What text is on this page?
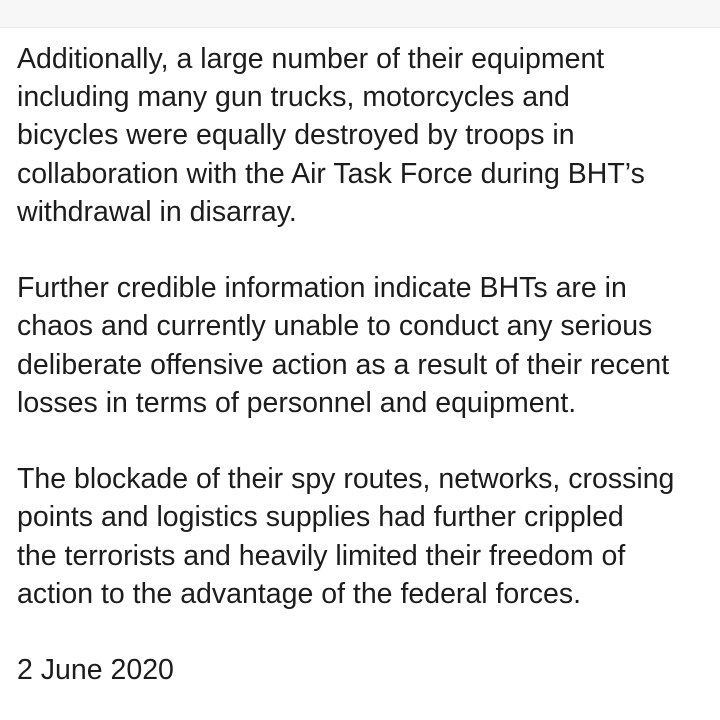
Additionally, a large number of their equipment
including many gun trucks, motorcycles and
bicycles were equally destroyed by troops in
collaboration with the Air Task Force during BHT’s
withdrawal in disarray.

Further credible information indicate BHTs are in
chaos and currently unable to conduct any serious
deliberate offensive action as a result of their recent
losses in terms of personnel and equipment.

The blockade of their spy routes, networks, crossing
points and logistics supplies had further crippled
the terrorists and heavily limited their freedom of
action to the advantage of the federal forces.

2 June 2020
